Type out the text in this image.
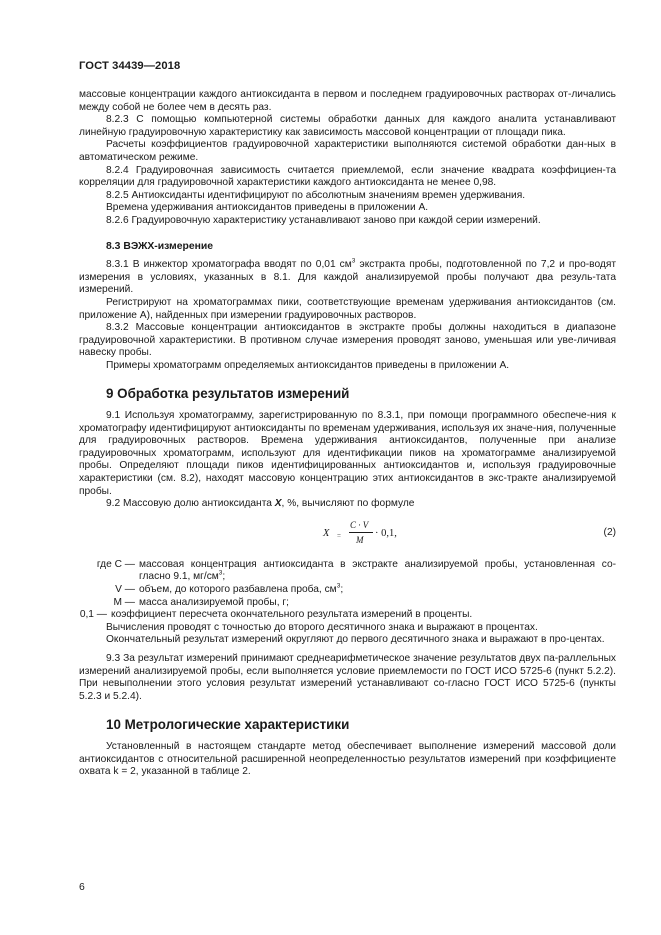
ГОСТ 34439—2018

массовые концентрации каждого антиоксиданта в первом и последнем градуировочных растворах от-личались между собой не более чем в десять раз.

8.2.3 С помощью компьютерной системы обработки данных для каждого аналита устанавливают линейную градуировочную характеристику как зависимость массовой концентрации от площади пика.

Расчеты коэффициентов градуировочной характеристики выполняются системой обработки дан-ных в автоматическом режиме.

8.2.4 Градуировочная зависимость считается приемлемой, если значение квадрата коэффициен-та корреляции для градуировочной характеристики каждого антиоксиданта не менее 0,98.

8.2.5 Антиоксиданты идентифицируют по абсолютным значениям времен удерживания.

Времена удерживания антиоксидантов приведены в приложении А.

8.2.6 Градуировочную характеристику устанавливают заново при каждой серии измерений.

8.3 ВЭЖХ-измерение

8.3.1 В инжектор хроматографа вводят по 0,01 $см^3$ экстракта пробы, подготовленной по 7,2 и про-водят измерения в условиях, указанных в 8.1. Для каждой анализируемой пробы получают два резуль-тата измерений.

Регистрируют на хроматограммах пики, соответствующие временам удерживания антиоксидантов (см. приложение А), найденных при измерении градуировочных растворов.

8.3.2 Массовые концентрации антиоксидантов в экстракте пробы должны находиться в диапазоне градуировочной характеристики. В противном случае измерения проводят заново, уменьшая или уве-личивая навеску пробы.

Примеры хроматограмм определяемых антиоксидантов приведены в приложении А.

9 Обработка результатов измерений

9.1 Используя хроматограмму, зарегистрированную по 8.3.1, при помощи программного обеспече-ния к хроматографу идентифицируют антиоксиданты по временам удерживания, используя их значе-ния, полученные для градуировочных растворов. Времена удерживания антиоксидантов, полученные при анализе градуировочных хроматограмм, используют для идентификации пиков на хроматограмме анализируемой пробы. Определяют площади пиков идентифицированных антиоксидантов и, используя градуировочные характеристики (см. 8.2), находят массовую концентрацию этих антиоксидантов в экс-тракте анализируемой пробы.

9.2 Массовую долю антиоксиданта X, %, вычисляют по формуле

X =
C · V
M
· 0,1,	(2)
где C — массовая концентрация антиоксиданта в экстракте анализируемой пробы, установленная со-гласно 9.1, $мг/см^3$;
V — объем, до которого разбавлена проба, $см^3$;
M — масса анализируемой пробы, г;
0,1 — коэффициент пересчета окончательного результата измерений в проценты.

Вычисления проводят с точностью до второго десятичного знака и выражают в процентах.

Окончательный результат измерений округляют до первого десятичного знака и выражают в про-центах.

9.3 За результат измерений принимают среднеарифметическое значение результатов двух па-раллельных измерений анализируемой пробы, если выполняется условие приемлемости по ГОСТ ИСО 5725-6 (пункт 5.2.2). При невыполнении этого условия результат измерений устанавливают со-гласно ГОСТ ИСО 5725-6 (пункты 5.2.3 и 5.2.4).

10 Метрологические характеристики

Установленный в настоящем стандарте метод обеспечивает выполнение измерений массовой доли антиоксидантов с относительной расширенной неопределенностью результатов измерений при коэффициенте охвата k = 2, указанной в таблице 2.

6
